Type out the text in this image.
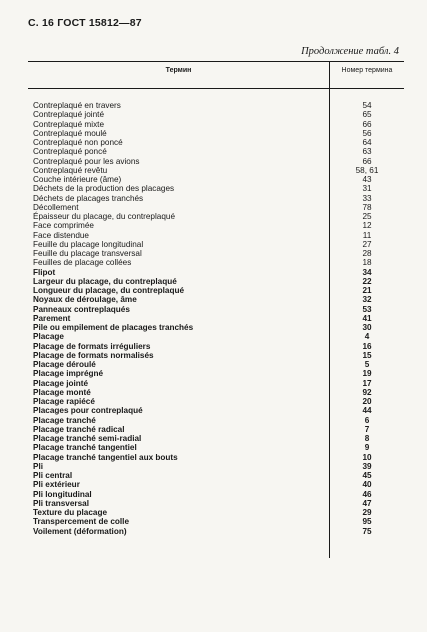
С. 16 ГОСТ 15812—87
Продолжение табл. 4
Термин	Номер термина
Contreplaqué en travers	54
Contreplaqué jointé	65
Contreplaqué mixte	66
Contreplaqué moulé	56
Contreplaqué non poncé	64
Contreplaqué poncé	63
Contreplaqué pour les avions	66
Contreplaqué revêtu	58, 61
Couche intérieure (âme)	43
Déchets de la production des placages	31
Déchets de placages tranchés	33
Décollement	78
Épaisseur du placage, du contreplaqué	25
Face comprimée	12
Face distendue	11
Feuille du placage longitudinal	27
Feuille du placage transversal	28
Feuilles de placage collées	18
Flipot	34
Largeur du placage, du contreplaqué	22
Longueur du placage, du contreplaqué	21
Noyaux de déroulage, âme	32
Panneaux contreplaqués	53
Parement	41
Pile ou empilement de placages tranchés	30
Placage	4
Placage de formats irréguliers	16
Placage de formats normalisés	15
Placage déroulé	5
Placage imprégné	19
Placage jointé	17
Placage monté	92
Placage rapiécé	20
Placages pour contreplaqué	44
Placage tranché	6
Placage tranché radical	7
Placage tranché semi-radial	8
Placage tranché tangentiel	9
Placage tranché tangentiel aux bouts	10
Pli	39
Pli central	45
Pli extérieur	40
Pli longitudinal	46
Pli transversal	47
Texture du placage	29
Transpercement de colle	95
Voilement (déformation)	75
